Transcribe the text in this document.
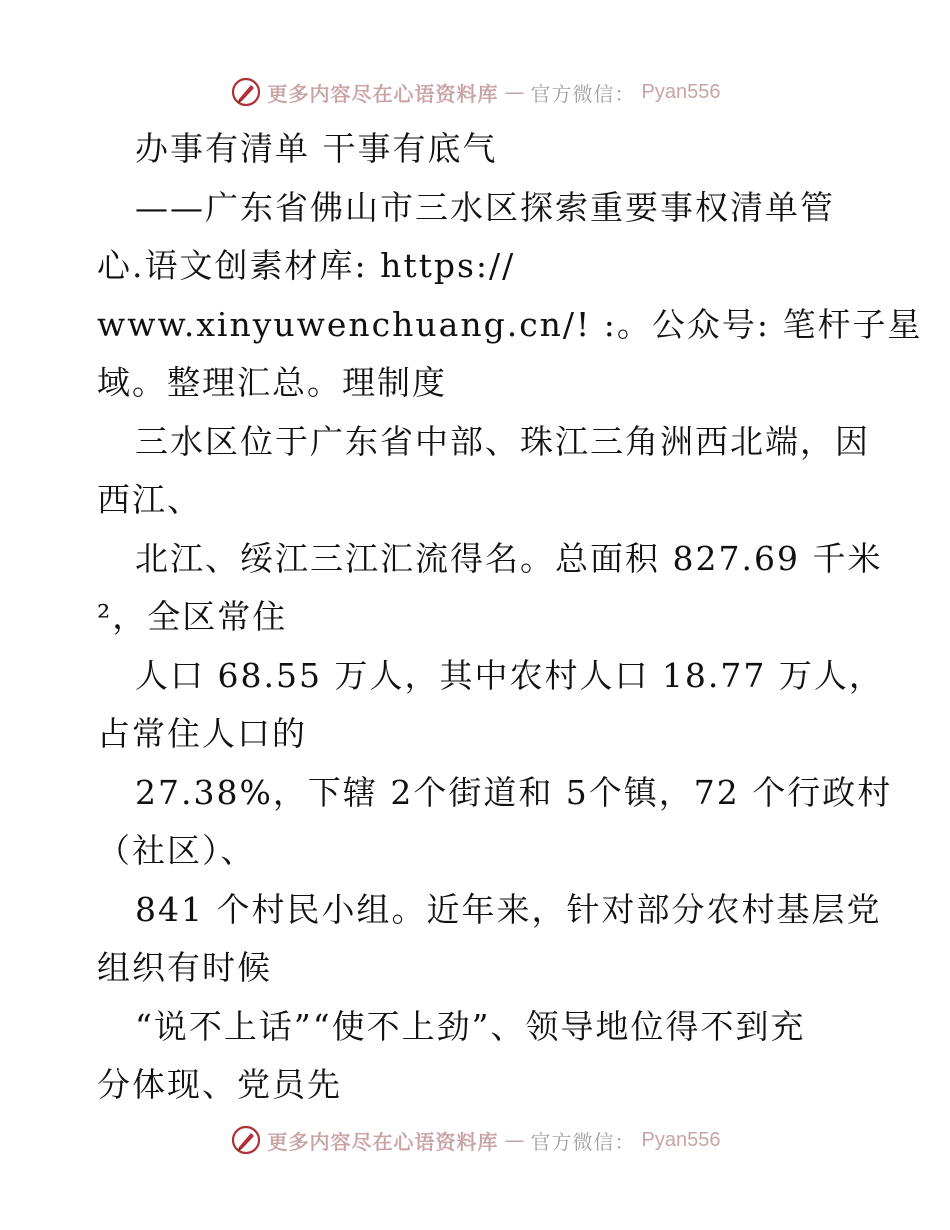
更多内容尽在心语资料库 — 官方微信： Pyan556
办事有清单 干事有底气
——广东省佛山市三水区探索重要事权清单管
心.语文创素材库: https://
www.xinyuwenchuang.cn/! :。公众号: 笔杆子星
域。整理汇总。理制度
三水区位于广东省中部、珠江三角洲西北端，因
西江、
北江、绥江三江汇流得名。总面积 827.69 千米
²，全区常住
人口 68.55 万人，其中农村人口 18.77 万人，
占常住人口的
27.38%，下辖 2个街道和 5个镇，72 个行政村
（社区）、
841 个村民小组。近年来，针对部分农村基层党
组织有时候
“说不上话”“使不上劲”、领导地位得不到充
分体现、党员先
更多内容尽在心语资料库 — 官方微信： Pyan556
